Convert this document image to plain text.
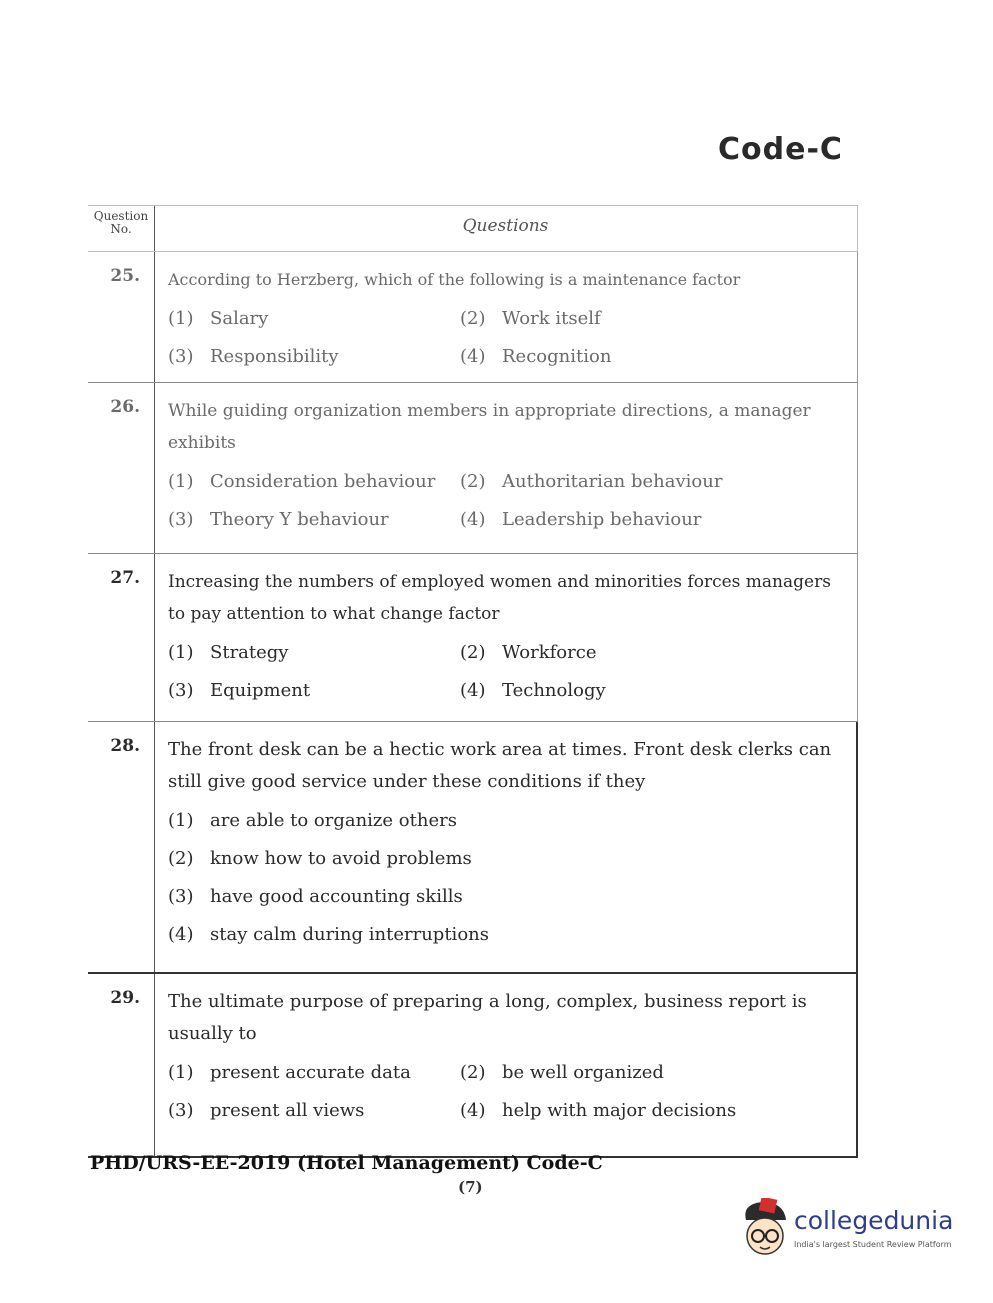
Code-C
Question No.	Questions
25.	According to Herzberg, which of the following is a maintenance factor
(1) Salary	(2) Work itself
(3) Responsibility	(4) Recognition
26.	While guiding organization members in appropriate directions, a manager exhibits
(1) Consideration behaviour	(2) Authoritarian behaviour
(3) Theory Y behaviour	(4) Leadership behaviour
27.	Increasing the numbers of employed women and minorities forces managers to pay attention to what change factor
(1) Strategy	(2) Workforce
(3) Equipment	(4) Technology
28.	The front desk can be a hectic work area at times. Front desk clerks can still give good service under these conditions if they
(1) are able to organize others
(2) know how to avoid problems
(3) have good accounting skills
(4) stay calm during interruptions
29.	The ultimate purpose of preparing a long, complex, business report is usually to
(1) present accurate data	(2) be well organized
(3) present all views	(4) help with major decisions
PHD/URS-EE-2019 (Hotel Management) Code-C
(7)
collegedunia
India's largest Student Review Platform
